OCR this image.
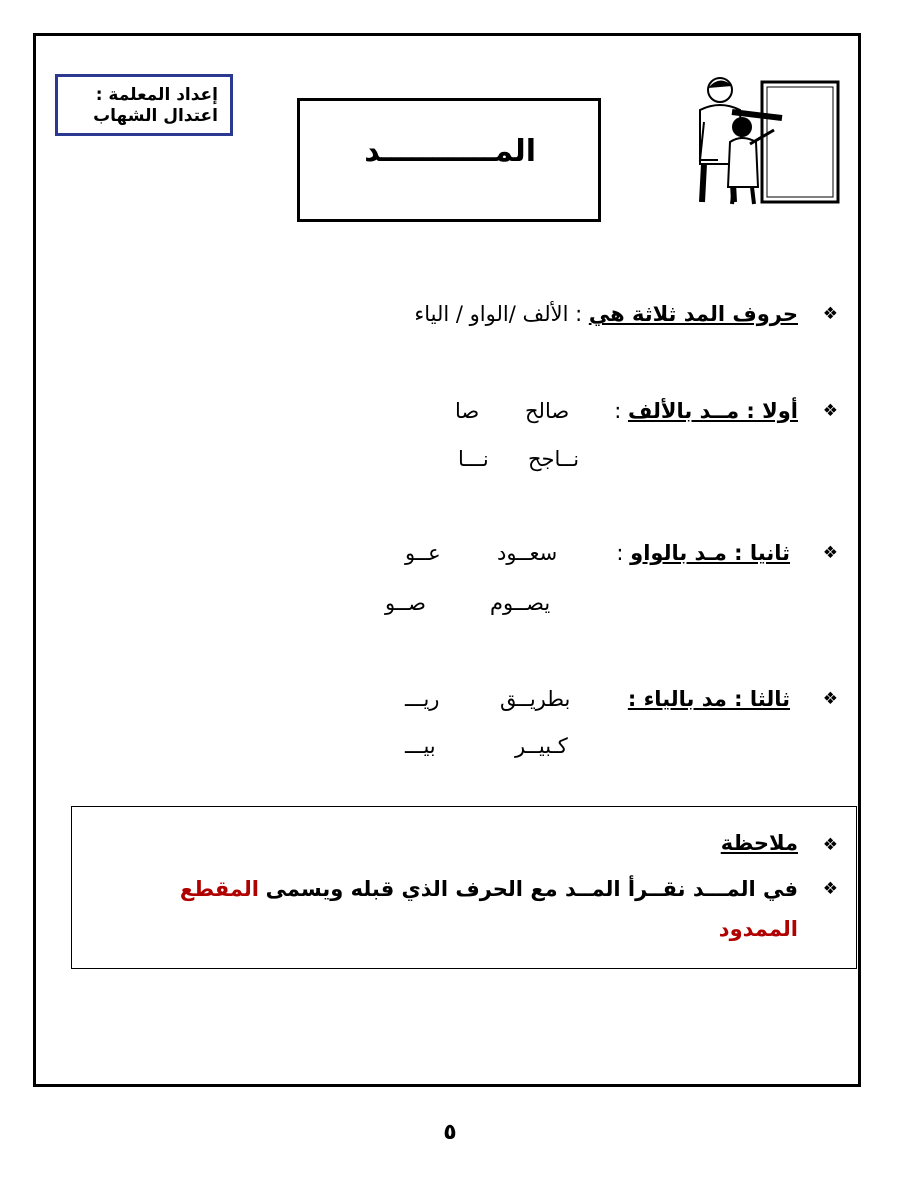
إعداد المعلمة :
اعتدال الشهاب
المـــــــــــد
❖
حروف المد ثلاثة هي : الألف /الواو / الياء
❖
أولا : مــد بالألف :
صالح
صا
نــاجح
نـــا
❖
ثانيا : مـد بالواو :
سعــود
عــو
يصــوم
صــو
❖
ثالثا : مد بالياء :
بطريــق
ريـــ
كـبيــر
بيـــ
❖
ملاحظة
❖
في المـــد نقــرأ المــد مع الحرف الذي قبله ويسمى المقطع
الممدود
٥
